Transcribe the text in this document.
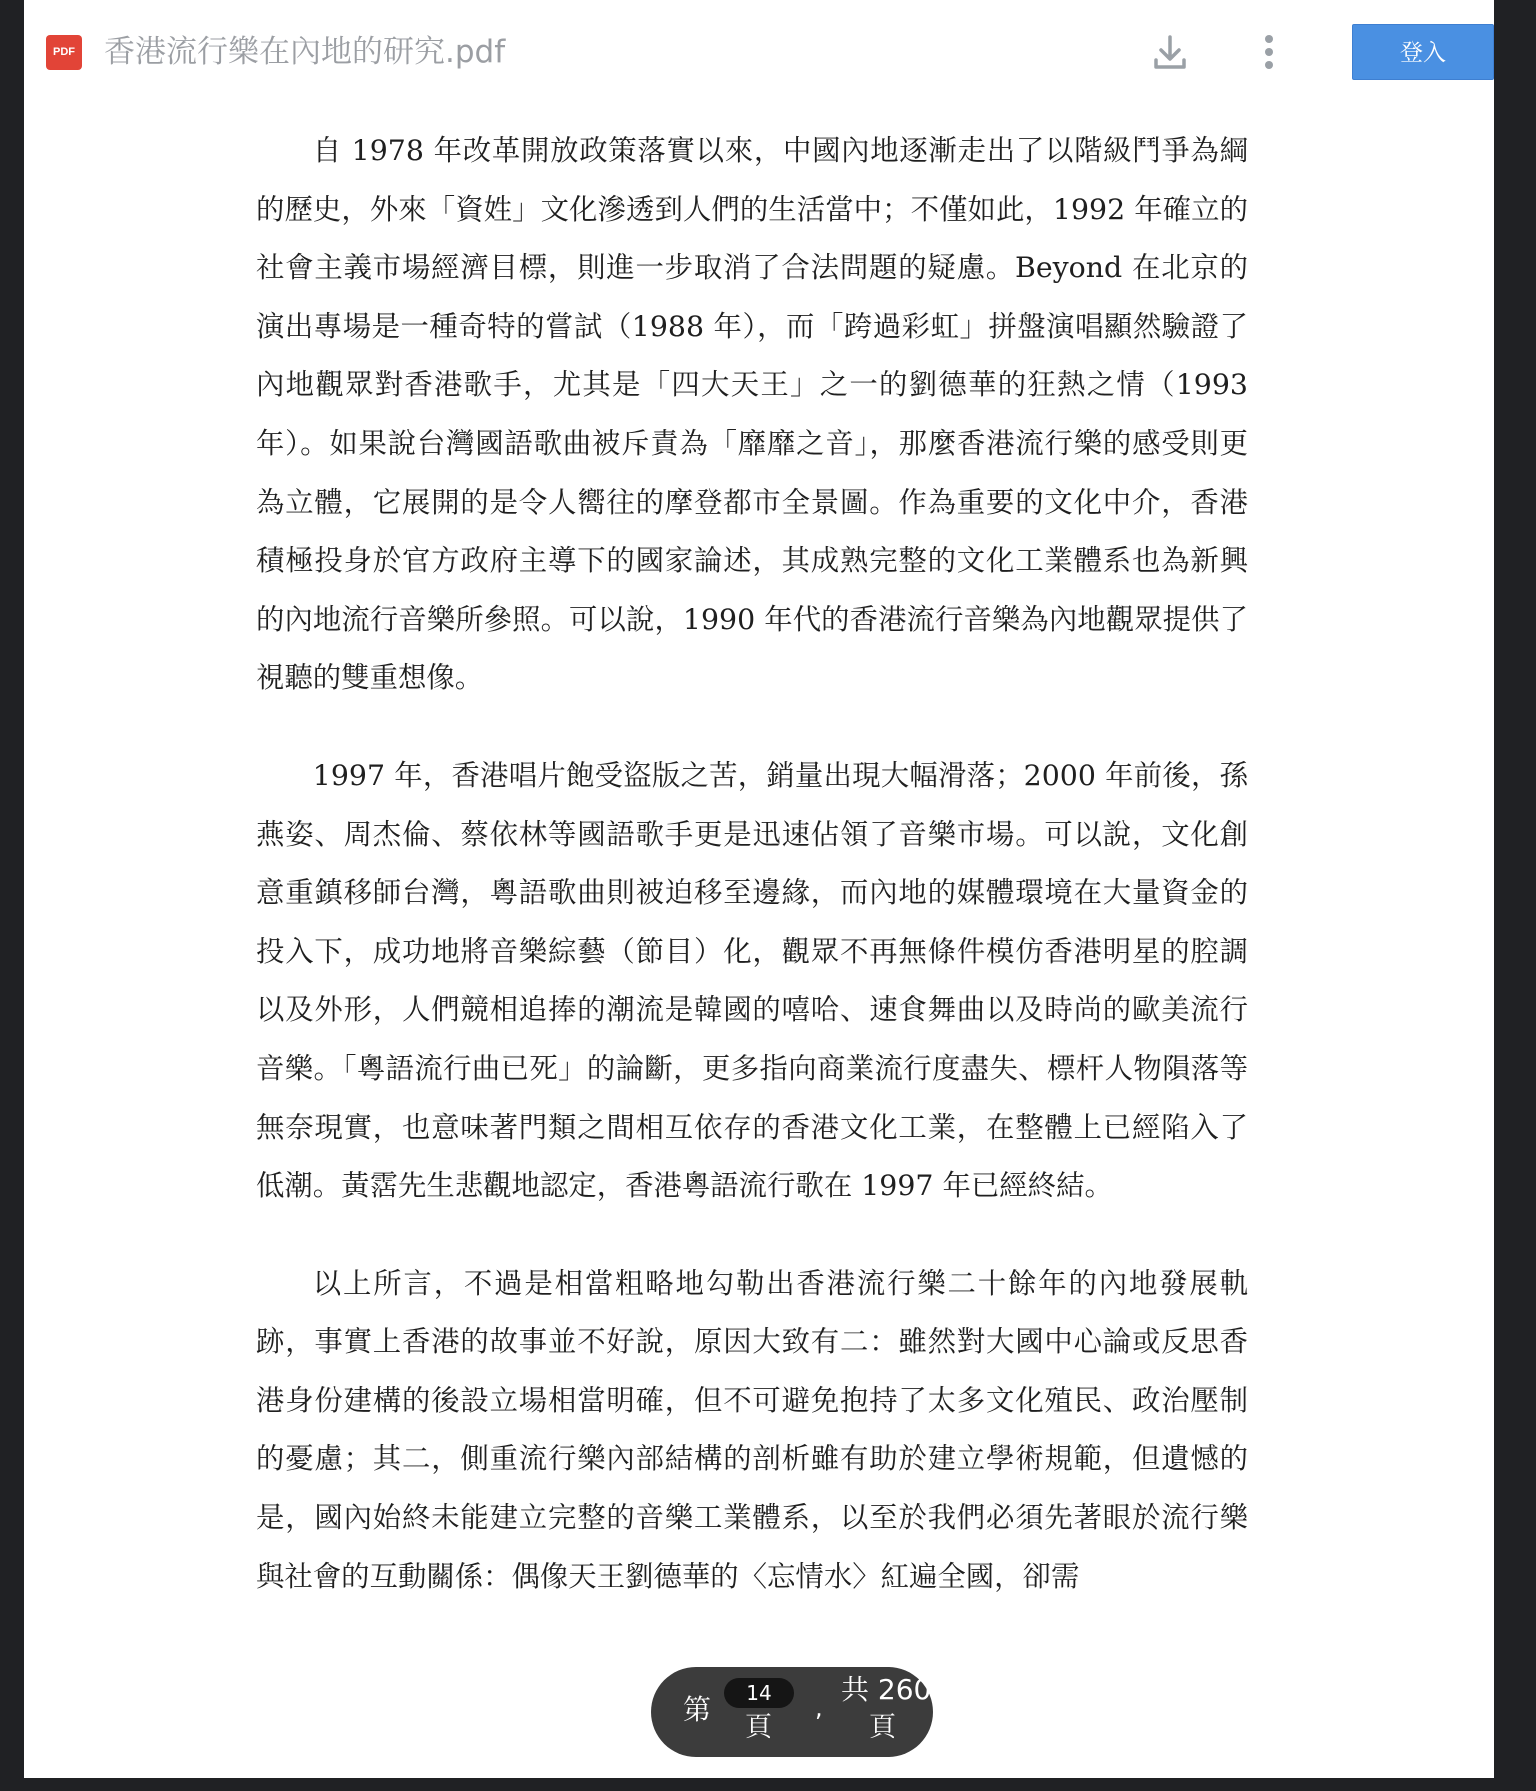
PDF 香港流行樂在內地的研究.pdf	登入

自 1978 年改革開放政策落實以來，中國內地逐漸走出了以階級鬥爭為綱的歷史，外來「資姓」文化滲透到人們的生活當中；不僅如此，1992 年確立的社會主義市場經濟目標，則進一步取消了合法問題的疑慮。Beyond 在北京的演出專場是一種奇特的嘗試（1988 年），而「跨過彩虹」拼盤演唱顯然驗證了內地觀眾對香港歌手，尤其是「四大天王」之一的劉德華的狂熱之情（1993 年）。如果說台灣國語歌曲被斥責為「靡靡之音」，那麼香港流行樂的感受則更為立體，它展開的是令人嚮往的摩登都市全景圖。作為重要的文化中介，香港積極投身於官方政府主導下的國家論述，其成熟完整的文化工業體系也為新興的內地流行音樂所參照。可以說，1990 年代的香港流行音樂為內地觀眾提供了視聽的雙重想像。

1997 年，香港唱片飽受盜版之苦，銷量出現大幅滑落；2000 年前後，孫燕姿、周杰倫、蔡依林等國語歌手更是迅速佔領了音樂市場。可以說，文化創意重鎮移師台灣，粵語歌曲則被迫移至邊緣，而內地的媒體環境在大量資金的投入下，成功地將音樂綜藝（節目）化，觀眾不再無條件模仿香港明星的腔調以及外形，人們競相追捧的潮流是韓國的嘻哈、速食舞曲以及時尚的歐美流行音樂。「粵語流行曲已死」的論斷，更多指向商業流行度盡失、標杆人物隕落等無奈現實，也意味著門類之間相互依存的香港文化工業，在整體上已經陷入了低潮。黃霑先生悲觀地認定，香港粵語流行歌在 1997 年已經終結。

以上所言，不過是相當粗略地勾勒出香港流行樂二十餘年的內地發展軌跡，事實上香港的故事並不好說，原因大致有二：雖然對大國中心論或反思香港身份建構的後設立場相當明確，但不可避免抱持了太多文化殖民、政治壓制的憂慮；其二，側重流行樂內部結構的剖析雖有助於建立學術規範，但遺憾的是，國內始終未能建立完整的音樂工業體系，以至於我們必須先著眼於流行樂與社會的互動關係：偶像天王劉德華的〈忘情水〉紅遍全國，卻需

第
14
頁
,
共 260
頁
